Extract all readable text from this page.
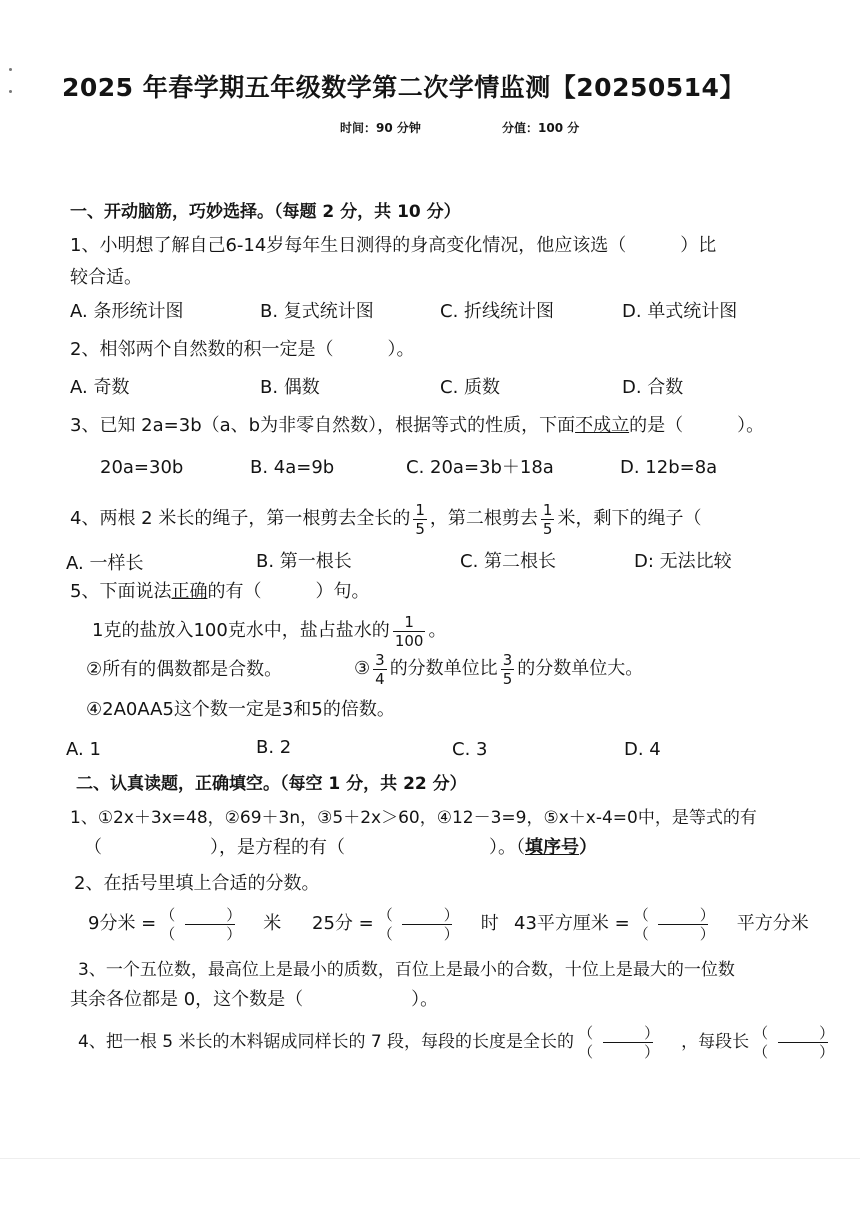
2025 年春学期五年级数学第二次学情监测【20250514】
时间：90 分钟	分值：100 分
一、开动脑筋，巧妙选择。（每题 2 分，共 10 分）
1、小明想了解自己6-14岁每年生日测得的身高变化情况，他应该选（　　　）比
较合适。
A. 条形统计图	B. 复式统计图	C. 折线统计图	D. 单式统计图
2、相邻两个自然数的积一定是（　　　）。
A. 奇数	B. 偶数	C. 质数	D. 合数
3、已知 2a=3b（a、b为非零自然数），根据等式的性质，下面不成立的是（　　　）。
20a=30b	B. 4a=9b	C. 20a=3b＋18a	D. 12b=8a
4、两根 2 米长的绳子，第一根剪去全长的 $\frac{1}{5}$ ，第二根剪去 $\frac{1}{5}$ 米，剩下的绳子（
A. 一样长	B. 第一根长	C. 第二根长	D: 无法比较
5、下面说法正确的有（　　　）句。
1克的盐放入100克水中，盐占盐水的 $\frac{1}{100}$ 。
②所有的偶数都是合数。	③ $\frac{3}{4}$ 的分数单位比 $\frac{3}{5}$ 的分数单位大。
④2A0AA5这个数一定是3和5的倍数。
A. 1	B. 2	C. 3	D. 4
二、认真读题，正确填空。（每空 1 分，共 22 分）
1、①2x＋3x=48，②69＋3n，③5＋2x＞60，④12－3=9，⑤x＋x-4=0中，是等式的有
（　　　　　　），是方程的有（　　　　　　　　）。（填序号）
2、在括号里填上合适的分数。
9分米 = （　）
（　） 米 25分 = （　）
（　） 时 43平方厘米 = （　）
（　） 平方分米
3、一个五位数，最高位上是最小的质数，百位上是最小的合数，十位上是最大的一位数
其余各位都是 0，这个数是（　　　　　　）。
4、把一根 5 米长的木料锯成同样长的 7 段，每段的长度是全长的 （　）
（　） ，每段长 （　）
（　）
